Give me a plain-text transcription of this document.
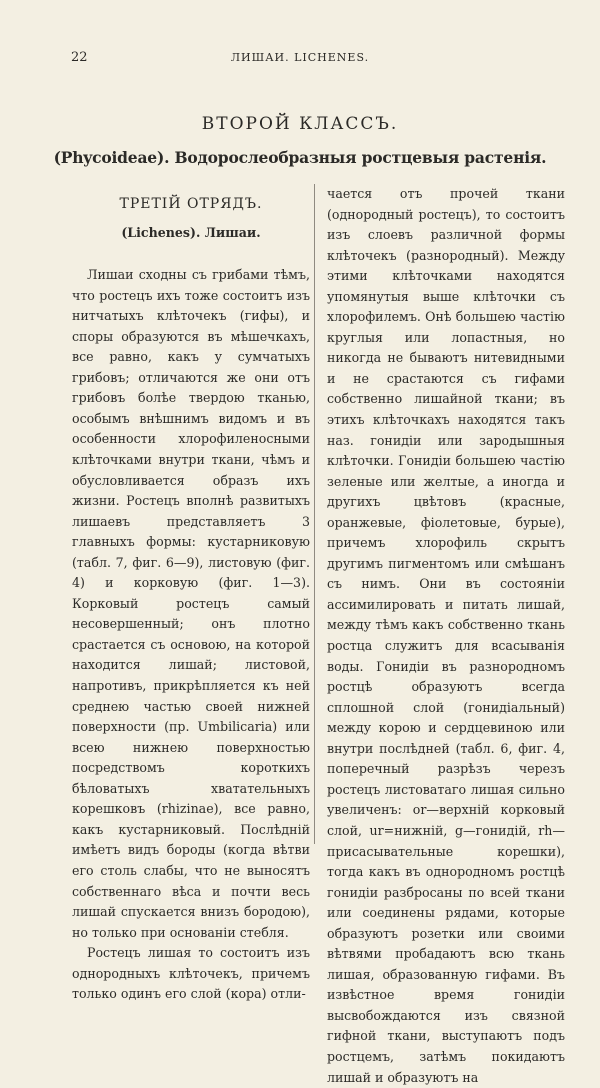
22	ЛИШАИ. LICHENES.
ВТОРОЙ КЛАССЪ.
(Phycoideae). Водорослеобразныя ростцевыя растенія.
ТРЕТІЙ ОТРЯДЪ.
(Lichenes). Лишаи.

Лишаи сходны съ грибами тѣмъ, что ростецъ ихъ тоже состоитъ изъ нитчатыхъ клѣточекъ (гифы), и споры образуются въ мѣшечкахъ, все равно, какъ у сумчатыхъ грибовъ; отличаются же они отъ грибовъ болѣе твердою тканью, особымъ внѣшнимъ видомъ и въ особенности хлорофиленосными клѣточками внутри ткани, чѣмъ и обусловливается образъ ихъ жизни. Ростецъ вполнѣ развитыхъ лишаевъ представляетъ 3 главныхъ формы: кустарниковую (табл. 7, фиг. 6—9), листовую (фиг. 4) и корковую (фиг. 1—3). Корковый ростецъ самый несовершенный; онъ плотно срастается съ основою, на которой находится лишай; листовой, напротивъ, прикрѣпляется къ ней среднею частью своей нижней поверхности (пр. Umbilicaria) или всею нижнею поверхностью посредствомъ короткихъ бѣловатыхъ хватательныхъ корешковъ (rhizinae), все равно, какъ кустарниковый. Послѣдній имѣетъ видъ бороды (когда вѣтви его столь слабы, что не выносятъ собственнаго вѣса и почти весь лишай спускается внизъ бородою), но только при основаніи стебля.

Ростецъ лишая то состоитъ изъ однородныхъ клѣточекъ, причемъ только одинъ его слой (кора) отли-

чается отъ прочей ткани (однородный ростецъ), то состоитъ изъ слоевъ различной формы клѣточекъ (разнородный). Между этими клѣточками находятся упомянутыя выше клѣточки съ хлорофилемъ. Онѣ большею частію круглыя или лопастныя, но никогда не бываютъ нитевидными и не срастаются съ гифами собственно лишайной ткани; въ этихъ клѣточкахъ находятся такъ наз. гонидіи или зародышныя клѣточки. Гонидіи большею частію зеленые или желтые, а иногда и другихъ цвѣтовъ (красные, оранжевые, фіолетовые, бурые), причемъ хлорофиль скрытъ другимъ пигментомъ или смѣшанъ съ нимъ. Они въ состояніи ассимилировать и питать лишай, между тѣмъ какъ собственно ткань ростца служитъ для всасыванія воды. Гонидіи въ разнородномъ ростцѣ образуютъ всегда сплошной слой (гонидіальный) между корою и сердцевиною или внутри послѣдней (табл. 6, фиг. 4, поперечный разрѣзъ черезъ ростецъ листоватаго лишая сильно увеличенъ: or—верхній корковый слой, ur=нижній, g—гонидій, rh—присасывательные корешки), тогда какъ въ однородномъ ростцѣ гонидіи разбросаны по всей ткани или соединены рядами, которые образуютъ розетки или своими вѣтвями пробадаютъ всю ткань лишая, образованную гифами. Въ извѣстное время гонидіи высвобождаются изъ связной гифной ткани, выступаютъ подъ ростцемъ, затѣмъ покидаютъ лишай и образуютъ на
